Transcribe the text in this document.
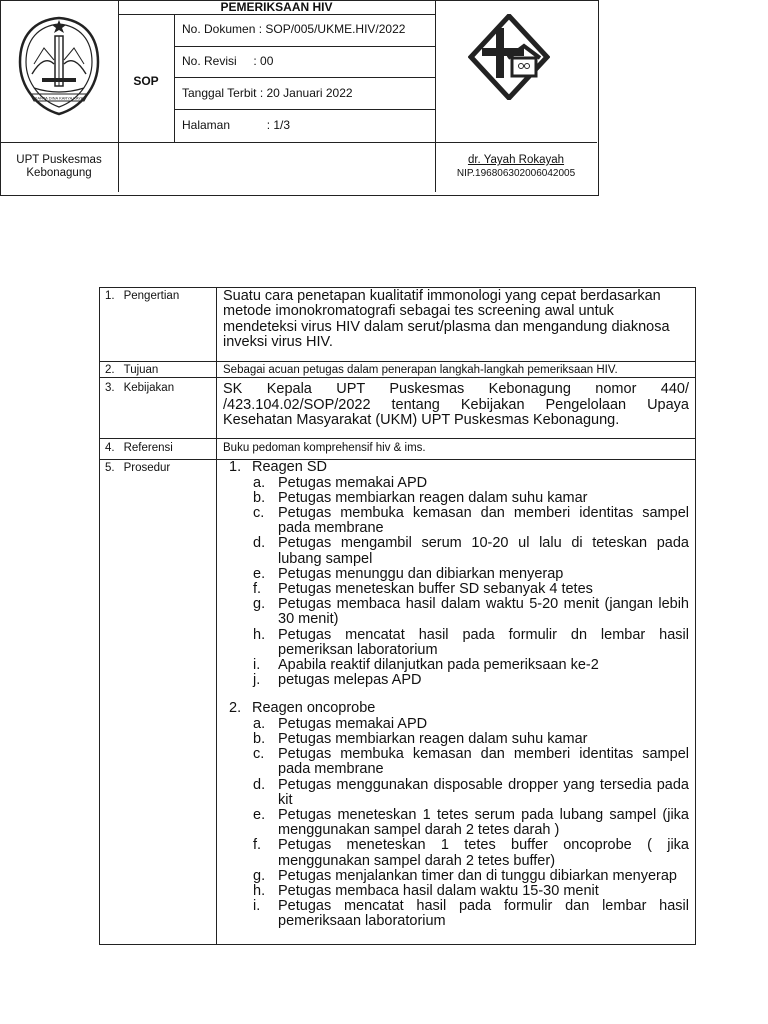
KARTA DINA KARYA KAYA
PEMERIKSAAN HIV
SOP
No. Dokumen : SOP/005/UKME.HIV/2022
No. Revisi     : 00
Tanggal Terbit : 20 Januari 2022
Halaman           : 1/3
UPT Puskesmas
Kebonagung
dr. Yayah Rokayah
NIP.196806302006042005
1. Pengertian
2. Tujuan
3. Kebijakan
4. Referensi
5. Prosedur
Suatu cara penetapan kualitatif immonologi yang cepat berdasarkan metode imonokromatografi sebagai tes screening awal untuk mendeteksi virus HIV dalam serut/plasma dan mengandung diaknosa inveksi virus HIV.
Sebagai acuan petugas dalam penerapan langkah-langkah pemeriksaan HIV.
SK Kepala UPT Puskesmas Kebonagung nomor 440/
/423.104.02/SOP/2022 tentang Kebijakan Pengelolaan Upaya
Kesehatan Masyarakat (UKM) UPT Puskesmas Kebonagung.
Buku pedoman komprehensif hiv & ims.
1. Reagen SD
a. Petugas memakai APD
b. Petugas membiarkan reagen dalam suhu kamar
c. Petugas membuka kemasan dan memberi identitas sampel pada membrane
d. Petugas mengambil serum 10-20 ul lalu di teteskan pada lubang sampel
e. Petugas menunggu dan dibiarkan menyerap
f. Petugas meneteskan buffer SD sebanyak 4 tetes
g. Petugas membaca hasil dalam waktu 5-20 menit (jangan lebih 30 menit)
h. Petugas mencatat hasil pada formulir dn lembar hasil pemeriksan laboratorium
i. Apabila reaktif dilanjutkan pada pemeriksaan ke-2
j. petugas melepas APD
2. Reagen oncoprobe
a. Petugas memakai APD
b. Petugas membiarkan reagen dalam suhu kamar
c. Petugas membuka kemasan dan memberi identitas sampel pada membrane
d. Petugas menggunakan disposable dropper yang tersedia pada kit
e. Petugas meneteskan 1 tetes serum pada lubang sampel (jika menggunakan sampel darah 2 tetes darah )
f. Petugas meneteskan 1 tetes buffer oncoprobe ( jika menggunakan sampel darah 2 tetes buffer)
g. Petugas menjalankan timer dan di tunggu dibiarkan menyerap
h. Petugas membaca hasil dalam waktu 15-30 menit
i. Petugas mencatat hasil pada formulir dan lembar hasil pemeriksaan laboratorium
